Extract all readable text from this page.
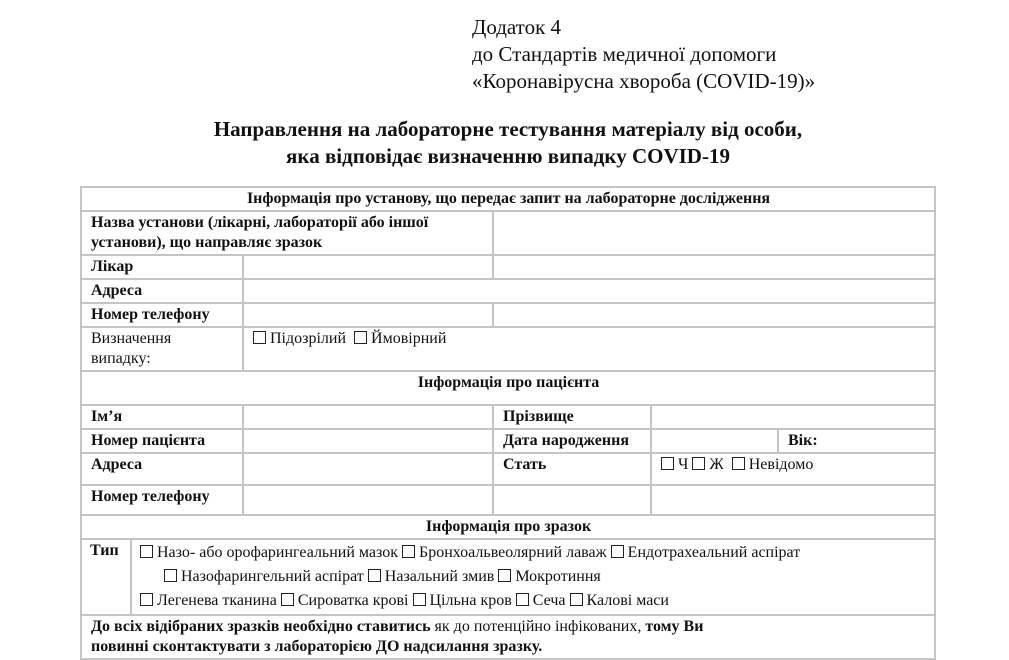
Додаток 4
до Стандартів медичної допомоги
«Коронавірусна хвороба (COVID-19)»
Направлення на лабораторне тестування матеріалу від особи,
яка відповідає визначенню випадку COVID-19
Інформація про установу, що передає запит на лабораторне дослідження				
Назва установи (лікарні, лабораторії або іншої установи), що направляє зразок				
Лікар				
Адреса				
Номер телефону				
Визначення випадку:	Підозрілий Ймовірний			
Інформація про пацієнта				
Ім’я		Прізвище		
Номер пацієнта		Дата народження		Вік:
Адреса		Стать	Ч Ж Невідомо	
Номер телефону				
Інформація про зразок				

Тип Назо- або орофарингеальний мазок Бронхоальвеолярний лаваж Ендотрахеальний аспірат
Назофарингельний аспірат Назальний змив Мокротиння
Легенева тканина Сироватка крові Цільна кров Сеча Калові маси				

До всіх відібраних зразків необхідно ставитись як до потенційно інфікованих, тому Ви
повинні сконтактувати з лабораторією ДО надсилання зразку.				
